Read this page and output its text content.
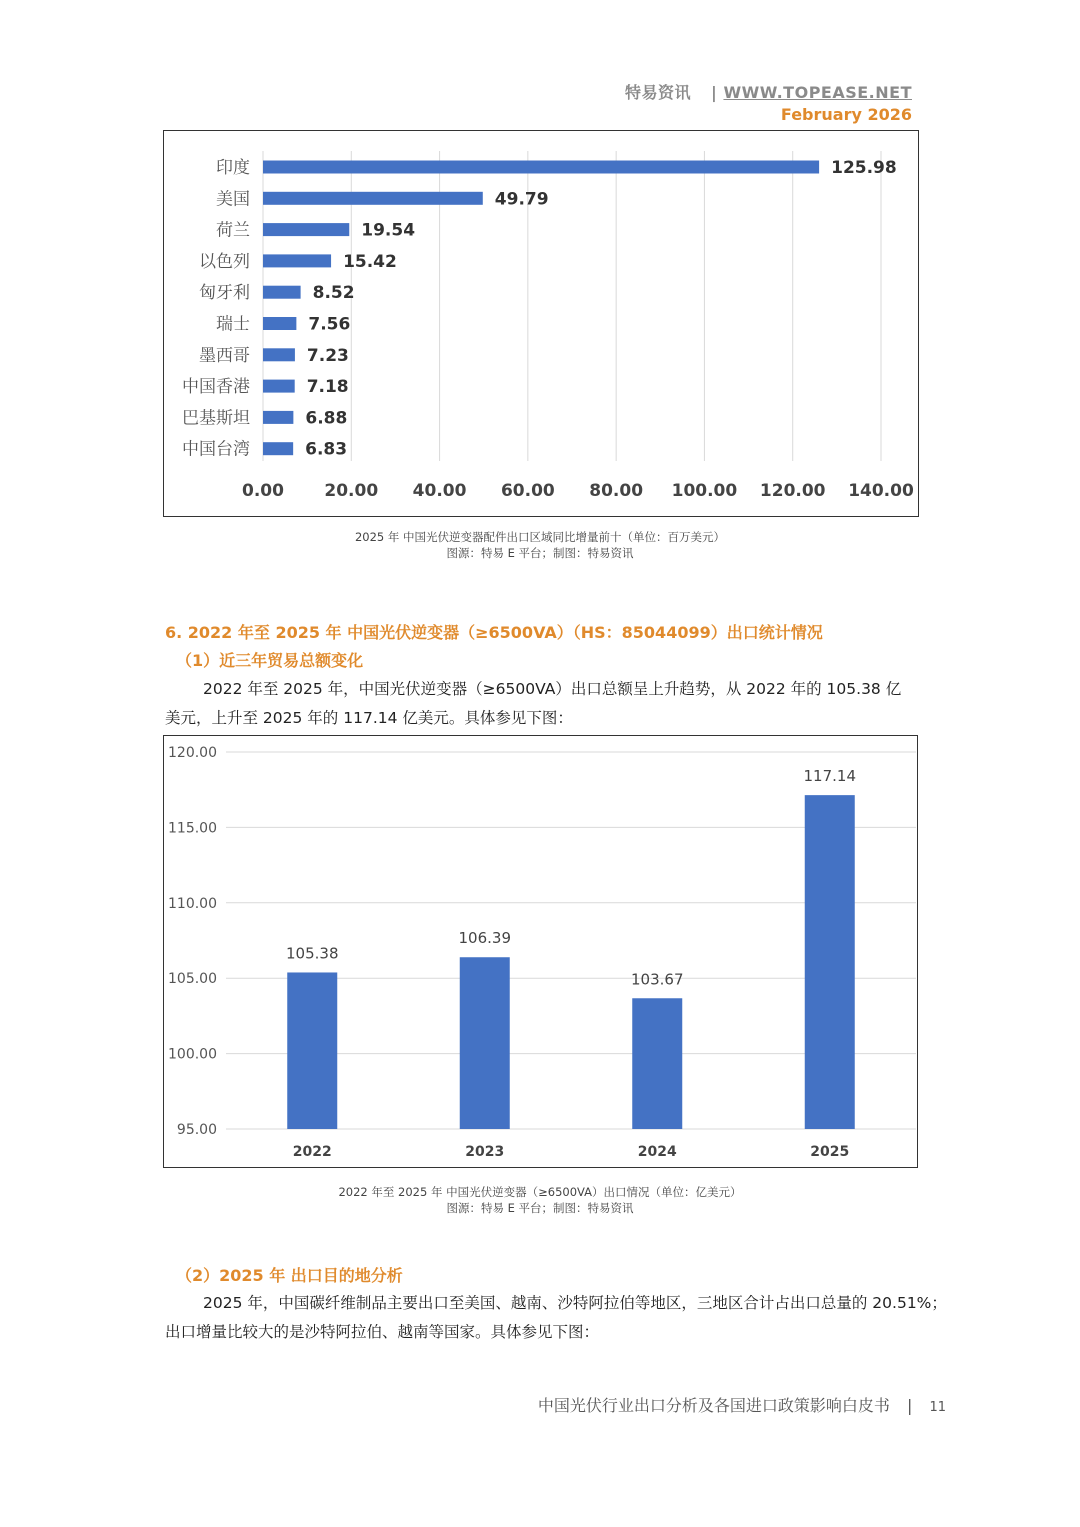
特易资讯 | WWW.TOPEASE.NET
February 2026
0.00 20.00 40.00 60.00 80.00 100.00 120.00 140.00
印度	125.98
美国	49.79
荷兰	19.54
以色列	15.42
匈牙利	8.52
瑞士	7.56
墨西哥	7.23
中国香港	7.18
巴基斯坦	6.88
中国台湾	6.83
2025 年 中国光伏逆变器配件出口区域同比增量前十（单位：百万美元）
图源：特易 E 平台；制图：特易资讯
6. 2022 年至 2025 年 中国光伏逆变器（≥6500VA）（HS：85044099）出口统计情况
（1）近三年贸易总额变化
2022 年至 2025 年，中国光伏逆变器（≥6500VA）出口总额呈上升趋势，从 2022 年的 105.38 亿
美元，上升至 2025 年的 117.14 亿美元。具体参见下图：
95.00
100.00
105.00
110.00
115.00
120.00
105.38
2022
106.39
2023
103.67
2024
117.14
2025
2022 年至 2025 年 中国光伏逆变器（≥6500VA）出口情况（单位：亿美元）
图源：特易 E 平台；制图：特易资讯
（2）2025 年 出口目的地分析
2025 年，中国碳纤维制品主要出口至美国、越南、沙特阿拉伯等地区，三地区合计占出口总量的 20.51%；
出口增量比较大的是沙特阿拉伯、越南等国家。具体参见下图：
中国光伏行业出口分析及各国进口政策影响白皮书 | 11
